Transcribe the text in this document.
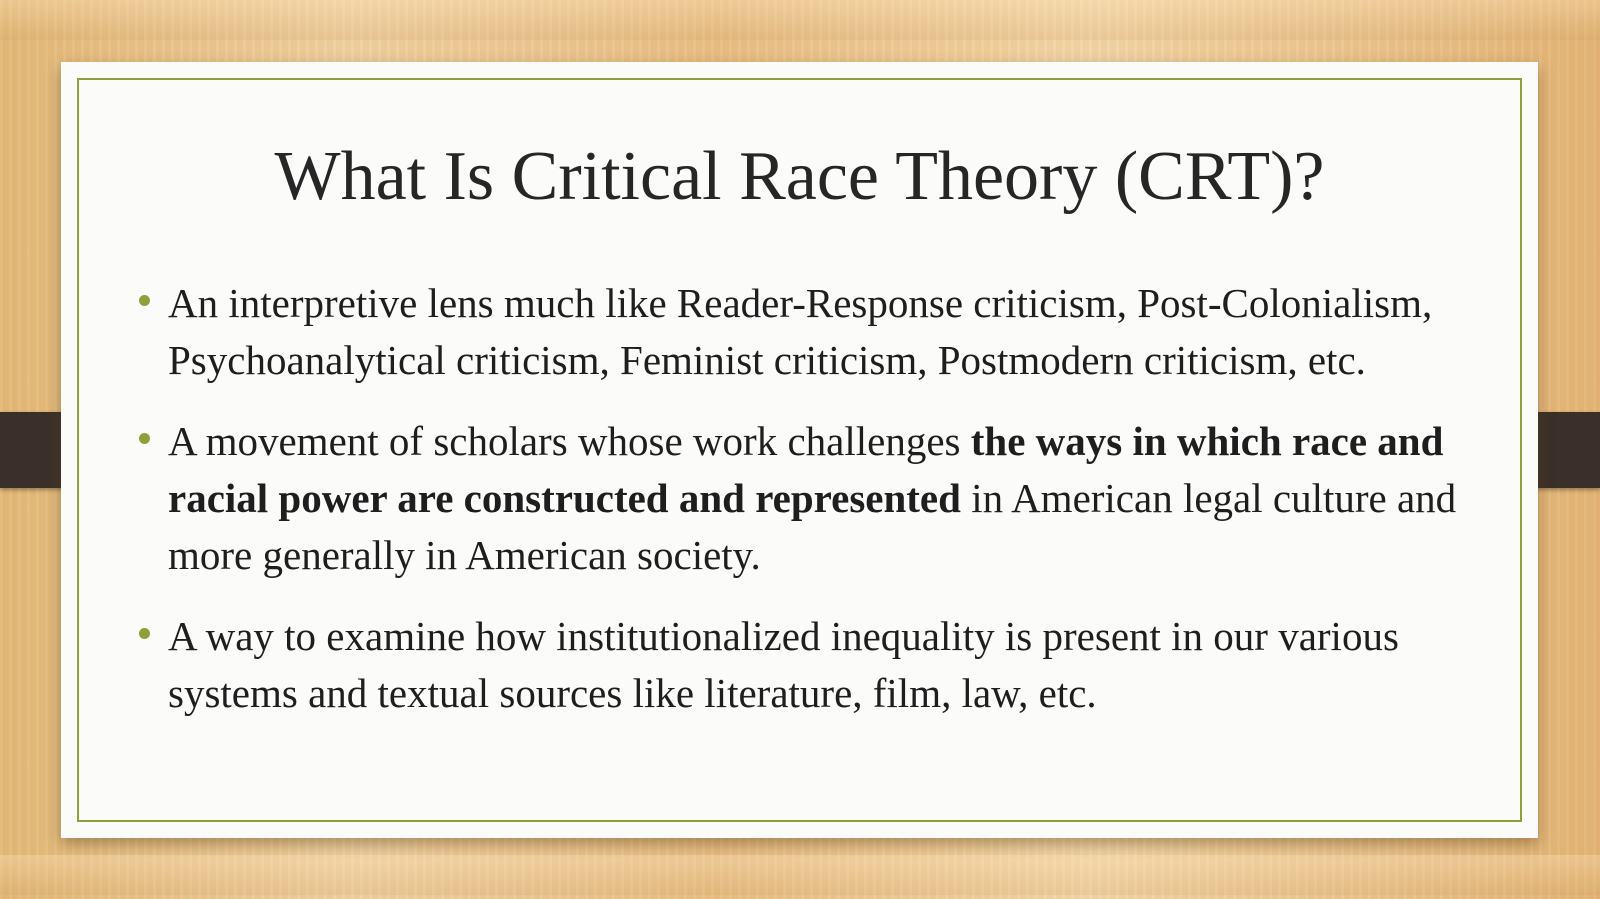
What Is Critical Race Theory (CRT)?
An interpretive lens much like Reader-Response criticism, Post-Colonialism, Psychoanalytical criticism, Feminist criticism, Postmodern criticism, etc.
A movement of scholars whose work challenges the ways in which race and racial power are constructed and represented in American legal culture and more generally in American society.
A way to examine how institutionalized inequality is present in our various systems and textual sources like literature, film, law, etc.
